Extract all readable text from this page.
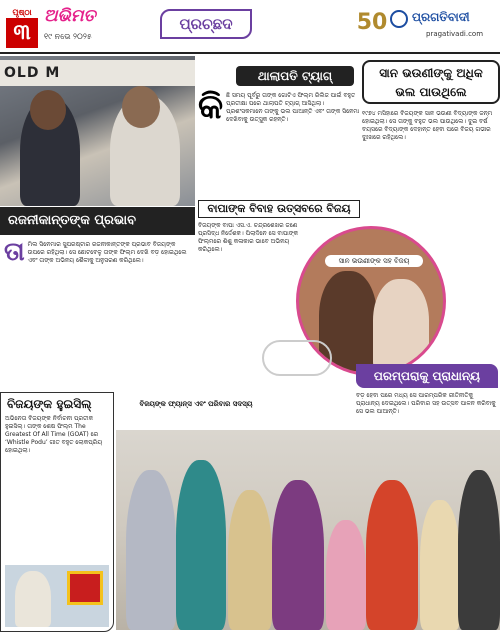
ପୃଷ୍ଠା
୩
ଅଭିମତ
୧୯ ନଭେ ୨୦୨୫
ପ୍ରଚ୍ଛଦ	50	ପ୍ରଗତିବାଦୀ
pragativadi.com
OLD M
ରଜନୀକାନ୍ତଙ୍କ ପ୍ରଭାବ
ତା ମିଲ ସିନେମାର ସୁପରଷ୍ଟାର ରଜନୀକାନ୍ତଙ୍କ ପ୍ରଭାବ ବିଜୟଙ୍କ ଉପରେ ରହିଥିଲା। ସେ ଛୋଟବେଳୁ ତାଙ୍କ ଫିଲ୍ମ ଦେଖି ବଡ଼ ହୋଇଥିଲେ ଏବଂ ତାଙ୍କ ଅଭିନୟ ଶୈଳୀକୁ ଅନୁସରଣ କରିଥିଲେ।
ଥାଲାପତି ଟ୍ୟାଗ୍
କି ଛି ସମୟ ପୂର୍ବରୁ ତାଙ୍କ ଗୋଟିଏ ଫିଲ୍ମ ରିଲିଜ ପାଇଁ ବହୁତ ପ୍ରତୀକ୍ଷା ପରେ ଥାଲାପତି ଟ୍ୟାଗ୍ ଆସିଥିଲା। ପ୍ରଶଂସକମାନେ ତାଙ୍କୁ ଭଲ ପାଆନ୍ତି ଏବଂ ତାଙ୍କ ସିନେମା ଦେଖିବାକୁ ଉତ୍ସୁକ ରହନ୍ତି।
ସାନ ଭଉଣୀଙ୍କୁ ଅଧିକ
ଭଲ ପାଉଥିଲେ
୧୯୭୪ ମସିହାରେ ବିଜୟଙ୍କ ସାନ ଭଉଣୀ ବିଦ୍ୟାଙ୍କ ଜନ୍ମ ହୋଇଥିଲା। ସେ ତାଙ୍କୁ ବହୁତ ଭଲ ପାଉଥିଲେ। ଦୁଇ ବର୍ଷ ବୟସରେ ବିଦ୍ୟାଙ୍କ ଦେହାନ୍ତ ହେବା ପରେ ବିଜୟ ଗଭୀର ଦୁଃଖରେ ରହିଥିଲେ।
ବାପାଙ୍କ ବିବାହ ଉତ୍ସବରେ ବିଜୟ
ବିଜୟଙ୍କ ବାପା ଏସ.ଏ. ଚନ୍ଦ୍ରଶେଖର ଜଣେ ପ୍ରସିଦ୍ଧ ନିର୍ଦ୍ଦେଶକ। ପିଲାଦିନେ ସେ ବାପାଙ୍କ ଫିଲ୍ମରେ ଶିଶୁ କଳାକାର ଭାବେ ଅଭିନୟ କରିଥିଲେ।
ସାନ ଭଉଣୀଙ୍କ ସହ ବିଜୟ
ପରମ୍ପରାକୁ ପ୍ରାଧାନ୍ୟ
ବଡ଼ ହେବା ପରେ ମଧ୍ୟ ସେ ପାରମ୍ପରିକ ରୀତିନୀତିକୁ ପ୍ରାଧାନ୍ୟ ଦେଇଥିଲେ। ପରିବାର ସହ ଉତ୍ସବ ପାଳନ କରିବାକୁ ସେ ଭଲ ପାଆନ୍ତି।
ବିଜୟଙ୍କ ଫ୍ୟାନ୍ସ ଏବଂ ପରିବାର ସଦସ୍ୟ
ବିଜୟଙ୍କ ହୁଇସିଲ୍
ଅଭିନେତା ବିଜୟଙ୍କ ନିର୍ବାଚନୀ ପ୍ରତୀକ ହୁଇସିଲ୍। ତାଙ୍କ ଶେଷ ଫିଲ୍ମ The Greatest Of All Time (GOAT) ରେ ‘Whistle Podu’ ଗୀତ ବହୁତ ଲୋକପ୍ରିୟ ହୋଇଥିଲା।
